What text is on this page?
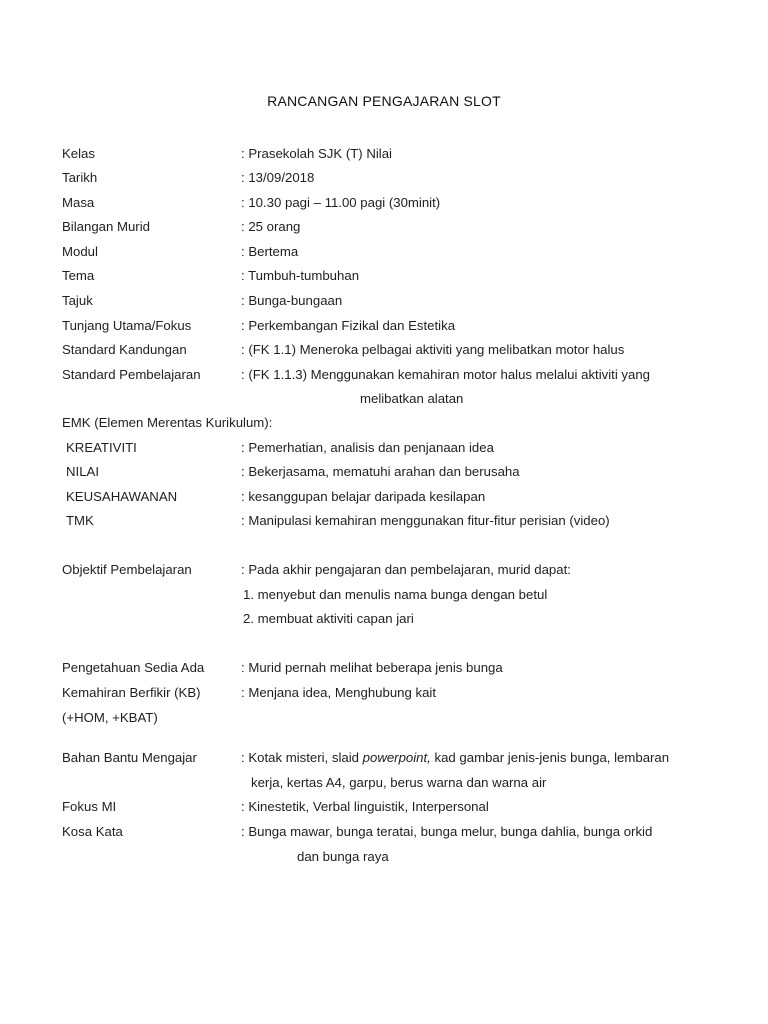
RANCANGAN PENGAJARAN SLOT
Kelas	: Prasekolah SJK (T) Nilai
Tarikh	: 13/09/2018
Masa	: 10.30 pagi – 11.00 pagi (30minit)
Bilangan Murid	: 25 orang
Modul	: Bertema
Tema	: Tumbuh-tumbuhan
Tajuk	: Bunga-bungaan
Tunjang Utama/Fokus	: Perkembangan Fizikal dan Estetika
Standard Kandungan	: (FK 1.1) Meneroka pelbagai aktiviti yang melibatkan motor halus
Standard Pembelajaran	: (FK 1.1.3) Menggunakan kemahiran motor halus melalui aktiviti yang
melibatkan alatan
EMK (Elemen Merentas Kurikulum):
KREATIVITI	: Pemerhatian, analisis dan penjanaan idea
NILAI	: Bekerjasama, mematuhi arahan dan berusaha
KEUSAHAWANAN	: kesanggupan belajar daripada kesilapan
TMK	: Manipulasi kemahiran menggunakan fitur-fitur perisian (video)
Objektif Pembelajaran	: Pada akhir pengajaran dan pembelajaran, murid dapat:
1. menyebut dan menulis nama bunga dengan betul
2. membuat aktiviti capan jari
Pengetahuan Sedia Ada	: Murid pernah melihat beberapa jenis bunga
Kemahiran Berfikir (KB)	: Menjana idea, Menghubung kait
(+HOM, +KBAT)
Bahan Bantu Mengajar	: Kotak misteri, slaid powerpoint, kad gambar jenis-jenis bunga, lembaran
kerja, kertas A4, garpu, berus warna dan warna air
Fokus MI	: Kinestetik, Verbal linguistik, Interpersonal
Kosa Kata	: Bunga mawar, bunga teratai, bunga melur, bunga dahlia, bunga orkid
dan bunga raya
